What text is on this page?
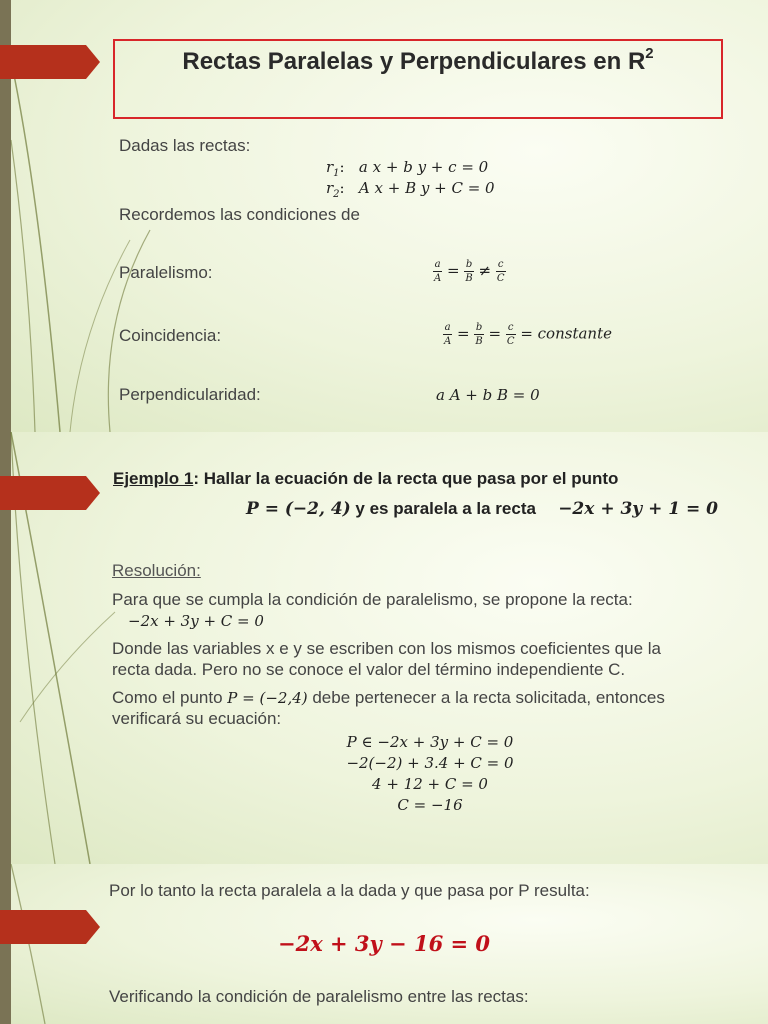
Rectas Paralelas y Perpendiculares en $R^2$
Dadas las rectas:
$r_1$: a x + b y + c = 0
$r_2$: A x + B y + C = 0
Recordemos las condiciones de
Paralelismo:	$\frac{a}{A} = \frac{b}{B} \ne \frac{c}{C}$
Coincidencia:	$\frac{a}{A} = \frac{b}{B} = \frac{c}{C}$ = constante
Perpendicularidad:	a A + b B = 0
Ejemplo 1: Hallar la ecuación de la recta que pasa por el punto
P = (−2, 4) y es paralela a la recta −2x + 3y + 1 = 0
Resolución:
Para que se cumpla la condición de paralelismo, se propone la recta:
−2x + 3y + C = 0
Donde las variables x e y se escriben con los mismos coeficientes que la
recta dada. Pero no se conoce el valor del término independiente C.
Como el punto P = (−2,4) debe pertenecer a la recta solicitada, entonces
verificará su ecuación:
P ∈ −2x + 3y + C = 0
−2(−2) + 3.4 + C = 0
4 + 12 + C = 0
C = −16
Por lo tanto la recta paralela a la dada y que pasa por P resulta:
−2x + 3y − 16 = 0
Verificando la condición de paralelismo entre las rectas:
